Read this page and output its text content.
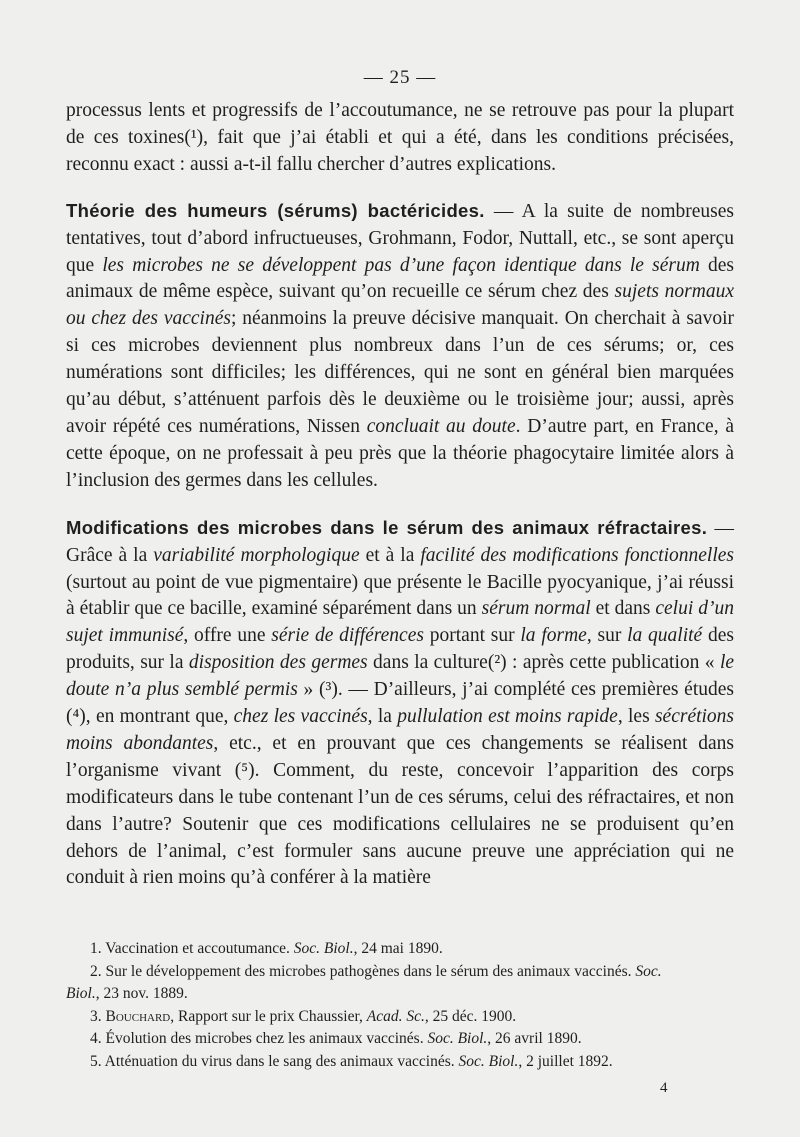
— 25 —

processus lents et progressifs de l’accoutumance, ne se retrouve pas pour la plupart de ces toxines(¹), fait que j’ai établi et qui a été, dans les conditions précisées, reconnu exact : aussi a-t-il fallu chercher d’autres explications.

Théorie des humeurs (sérums) bactéricides. — A la suite de nombreuses tentatives, tout d’abord infructueuses, Grohmann, Fodor, Nuttall, etc., se sont aperçu que les microbes ne se développent pas d’une façon identique dans le sérum des animaux de même espèce, suivant qu’on recueille ce sérum chez des sujets normaux ou chez des vaccinés; néanmoins la preuve décisive manquait. On cherchait à savoir si ces microbes deviennent plus nombreux dans l’un de ces sérums; or, ces numérations sont difficiles; les différences, qui ne sont en général bien marquées qu’au début, s’atténuent parfois dès le deuxième ou le troisième jour; aussi, après avoir répété ces numérations, Nissen concluait au doute. D’autre part, en France, à cette époque, on ne professait à peu près que la théorie phagocytaire limitée alors à l’inclusion des germes dans les cellules.

Modifications des microbes dans le sérum des animaux réfractaires. — Grâce à la variabilité morphologique et à la facilité des modifications fonctionnelles (surtout au point de vue pigmentaire) que présente le Bacille pyocyanique, j’ai réussi à établir que ce bacille, examiné séparément dans un sérum normal et dans celui d’un sujet immunisé, offre une série de différences portant sur la forme, sur la qualité des produits, sur la disposition des germes dans la culture(²) : après cette publication « le doute n’a plus semblé permis » (³). — D’ailleurs, j’ai complété ces premières études (⁴), en montrant que, chez les vaccinés, la pullulation est moins rapide, les sécrétions moins abondantes, etc., et en prouvant que ces changements se réalisent dans l’organisme vivant (⁵). Comment, du reste, concevoir l’apparition des corps modificateurs dans le tube contenant l’un de ces sérums, celui des réfractaires, et non dans l’autre? Soutenir que ces modifications cellulaires ne se produisent qu’en dehors de l’animal, c’est formuler sans aucune preuve une appréciation qui ne conduit à rien moins qu’à conférer à la matière

1. Vaccination et accoutumance. Soc. Biol., 24 mai 1890.
2. Sur le développement des microbes pathogènes dans le sérum des animaux vaccinés. Soc.
Biol., 23 nov. 1889.
3. Bouchard, Rapport sur le prix Chaussier, Acad. Sc., 25 déc. 1900.
4. Évolution des microbes chez les animaux vaccinés. Soc. Biol., 26 avril 1890.
5. Atténuation du virus dans le sang des animaux vaccinés. Soc. Biol., 2 juillet 1892.
4
